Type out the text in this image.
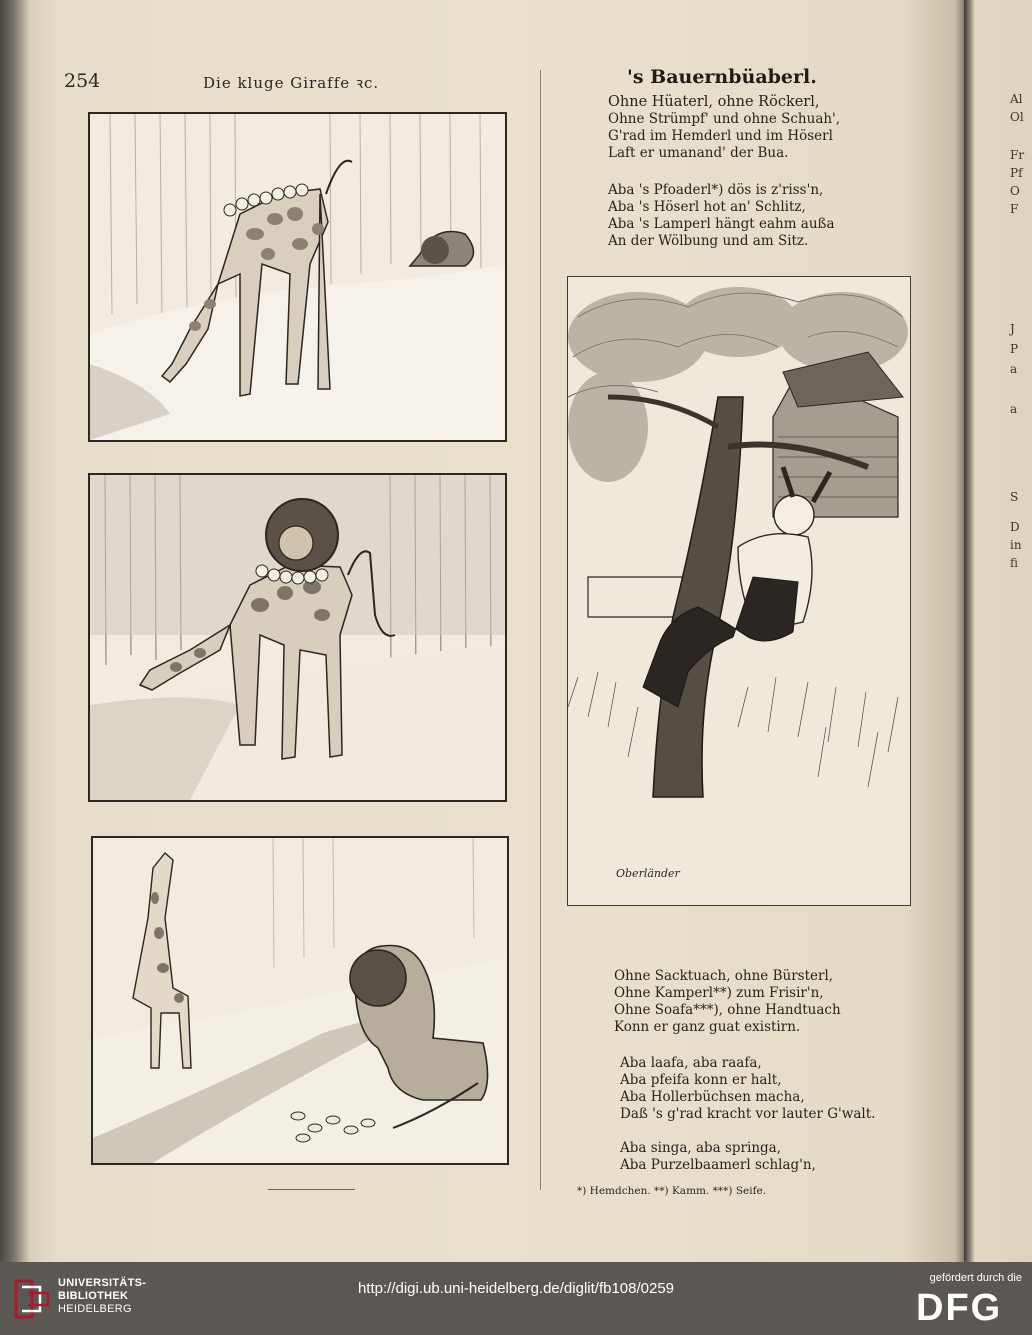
254	Die kluge Giraffe ꝛc.	's Bauernbüaberl.
Ohne Hüaterl, ohne Röckerl,
Ohne Strümpf' und ohne Schuah',
G'rad im Hemderl und im Höserl
Laft er umanand' der Bua.
Aba 's Pfoaderl*) dös is z'riss'n,
Aba 's Höserl hot an' Schlitz,
Aba 's Lamperl hängt eahm außa
An der Wölbung und am Sitz.
Oberländer
Ohne Sacktuach, ohne Bürsterl,
Ohne Kamperl**) zum Frisir'n,
Ohne Soafa***), ohne Handtuach
Konn er ganz guat existirn.
Aba laafa, aba raafa,
Aba pfeifa konn er halt,
Aba Hollerbüchsen macha,
Daß 's g'rad kracht vor lauter G'walt.
Aba singa, aba springa,
Aba Purzelbaamerl schlag'n,
*) Hemdchen. **) Kamm. ***) Seife.
Al
Ol
Fr
Pf
O
F
J
P
a
a
S
D
in
fi
UNIVERSITÄTS-
BIBLIOTHEK
HEIDELBERG
http://digi.ub.uni-heidelberg.de/diglit/fb108/0259
gefördert durch die
DFG
